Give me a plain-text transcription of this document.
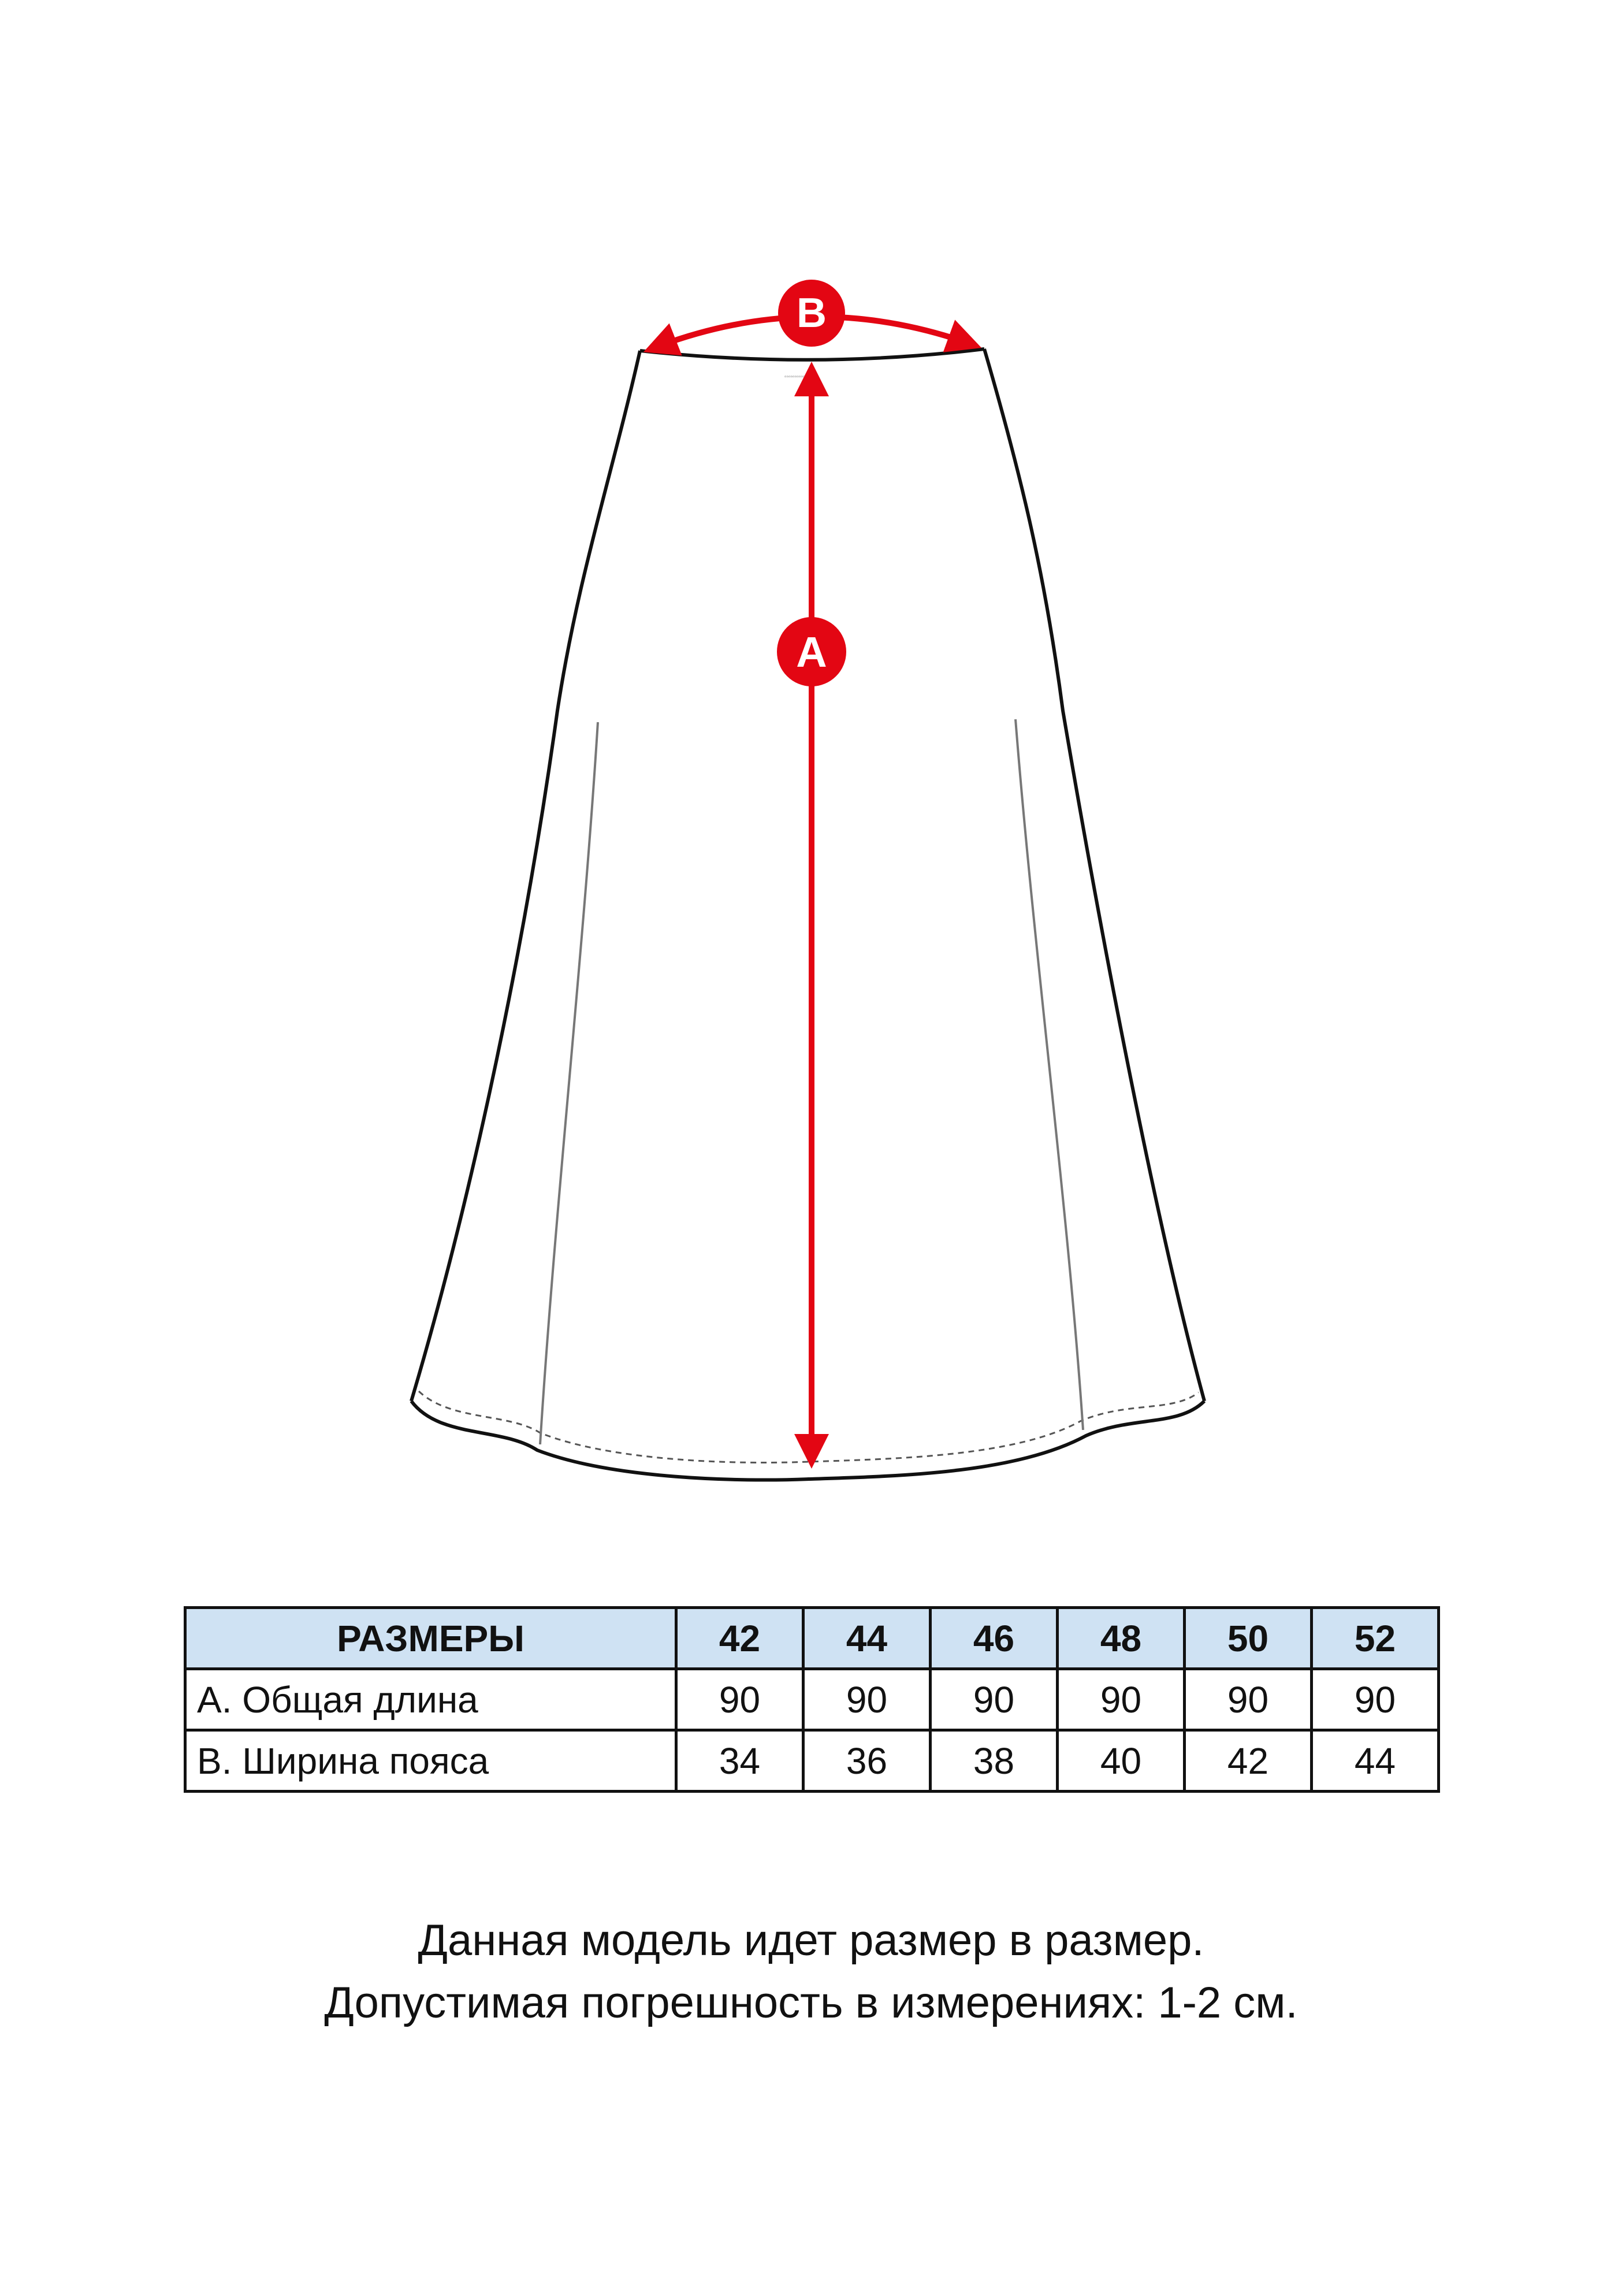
▫▫▫▫▫▫▫▫▫▫▫▫
B
A
РАЗМЕРЫ	42	44	46	48	50	52
A. Общая длина	90	90	90	90	90	90
B. Ширина пояса	34	36	38	40	42	44
Данная модель идет размер в размер.
Допустимая погрешность в измерениях: 1-2 см.
